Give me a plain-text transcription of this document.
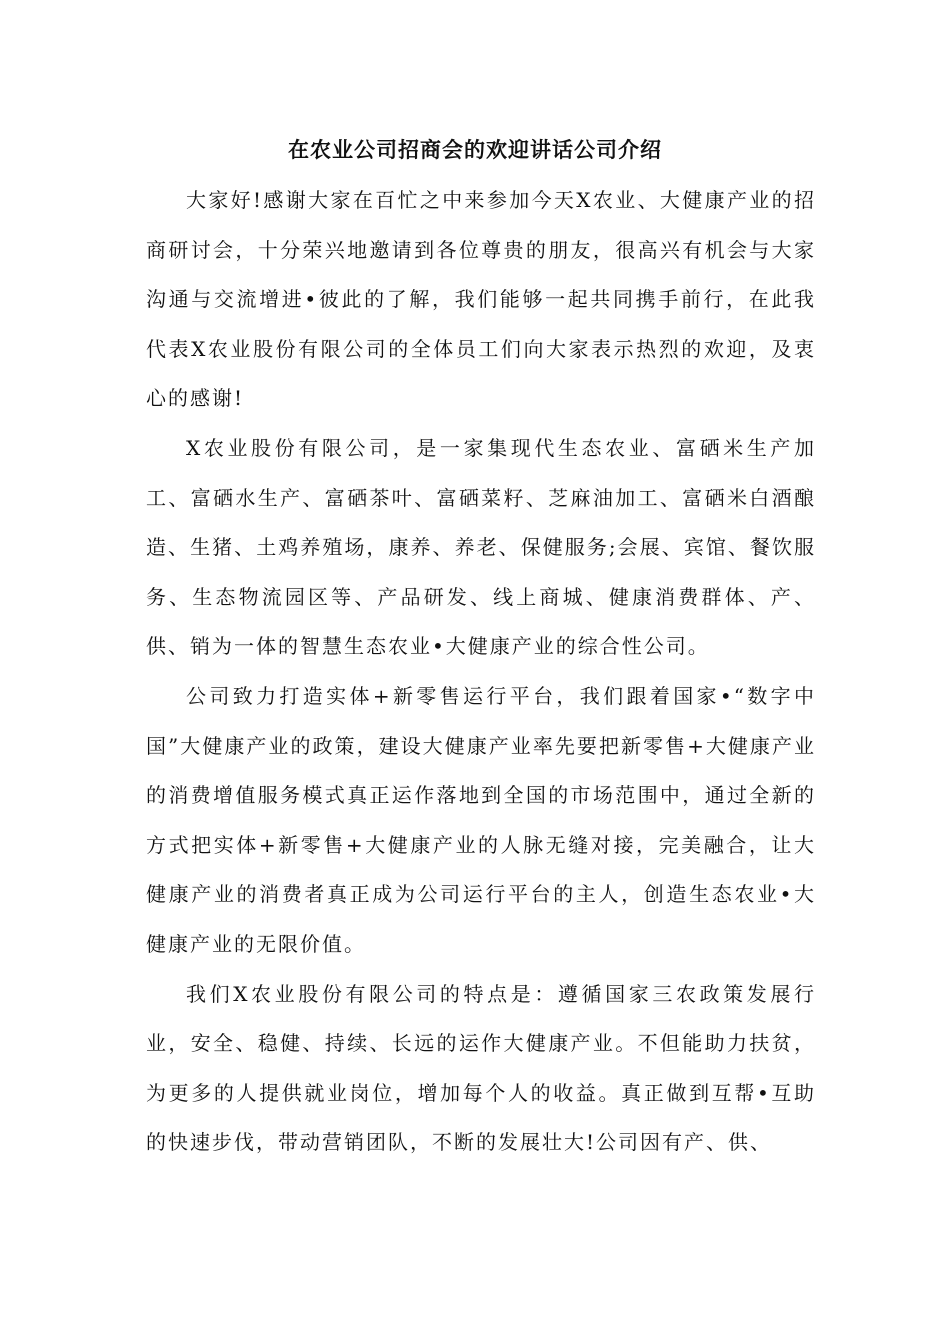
在农业公司招商会的欢迎讲话公司介绍

大家好!感谢大家在百忙之中来参加今天X农业、大健康产业的招商研讨会，十分荣兴地邀请到各位尊贵的朋友，很高兴有机会与大家沟通与交流增进•彼此的了解，我们能够一起共同携手前行，在此我代表X农业股份有限公司的全体员工们向大家表示热烈的欢迎，及衷心的感谢!

X农业股份有限公司，是一家集现代生态农业、富硒米生产加工、富硒水生产、富硒茶叶、富硒菜籽、芝麻油加工、富硒米白酒酿造、生猪、土鸡养殖场，康养、养老、保健服务;会展、宾馆、餐饮服务、生态物流园区等、产品研发、线上商城、健康消费群体、产、供、销为一体的智慧生态农业•大健康产业的综合性公司。

公司致力打造实体+新零售运行平台，我们跟着国家•“数字中国”大健康产业的政策，建设大健康产业率先要把新零售+大健康产业的消费增值服务模式真正运作落地到全国的市场范围中，通过全新的方式把实体+新零售+大健康产业的人脉无缝对接，完美融合，让大健康产业的消费者真正成为公司运行平台的主人，创造生态农业•大健康产业的无限价值。

我们X农业股份有限公司的特点是：遵循国家三农政策发展行业，安全、稳健、持续、长远的运作大健康产业。不但能助力扶贫，为更多的人提供就业岗位，增加每个人的收益。真正做到互帮•互助的快速步伐，带动营销团队，不断的发展壮大!公司因有产、供、
